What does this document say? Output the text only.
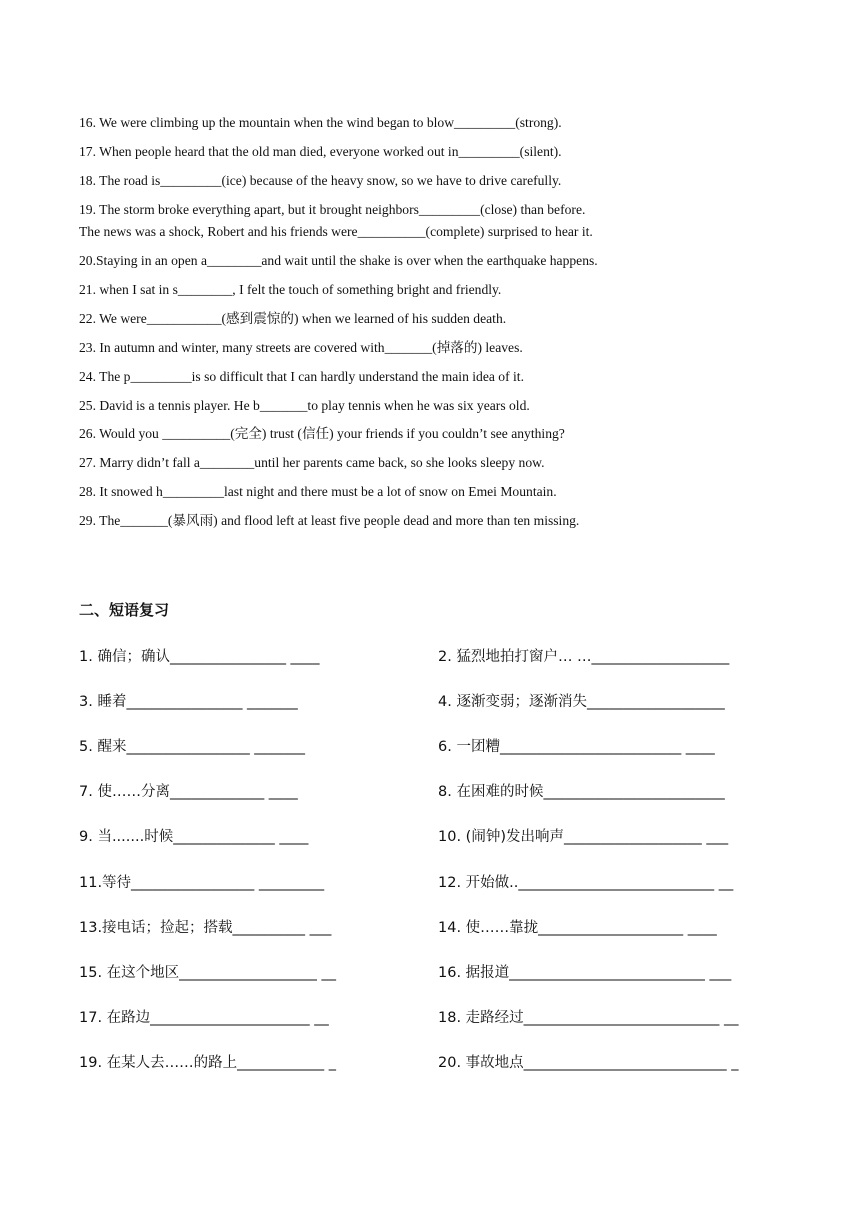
16. We were climbing up the mountain when the wind began to blow_________(strong).
17. When people heard that the old man died, everyone worked out in_________(silent).
18. The road is_________(ice) because of the heavy snow, so we have to drive carefully.
19. The storm broke everything apart, but it brought neighbors_________(close) than before.
The news was a shock, Robert and his friends were__________(complete) surprised to hear it.
20.Staying in an open a________and wait until the shake is over when the earthquake happens.
21. when I sat in s________, I felt the touch of something bright and friendly.
22. We were___________(感到震惊的) when we learned of his sudden death.
23. In autumn and winter, many streets are covered with_______(掉落的) leaves.
24. The p_________is so difficult that I can hardly understand the main idea of it.
25. David is a tennis player. He b_______to play tennis when he was six years old.
26. Would you __________(完全) trust (信任) your friends if you couldn’t see anything?
27. Marry didn’t fall a________until her parents came back, so she looks sleepy now.
28. It snowed h_________last night and there must be a lot of snow on Emei Mountain.
29. The_______(暴风雨) and flood left at least five people dead and more than ten missing.
二、短语复习
1. 确信；确认________________ ____	2. 猛烈地拍打窗户… …___________________
3. 睡着________________ _______	4. 逐渐变弱；逐渐消失___________________
5. 醒来_________________ _______	6. 一团糟_________________________ ____
7. 使……分离_____________ ____	8. 在困难的时候_________________________
9. 当.......时候______________ ____	10. (闹钟)发出响声___________________ ___
11.等待_________________ _________	12. 开始做..___________________________ __
13.接电话；捡起；搭载__________ ___	14. 使……靠拢____________________ ____
15. 在这个地区___________________ __	16. 据报道___________________________ ___
17. 在路边______________________ __	18. 走路经过___________________________ __
19. 在某人去……的路上____________ _	20. 事故地点____________________________ _
